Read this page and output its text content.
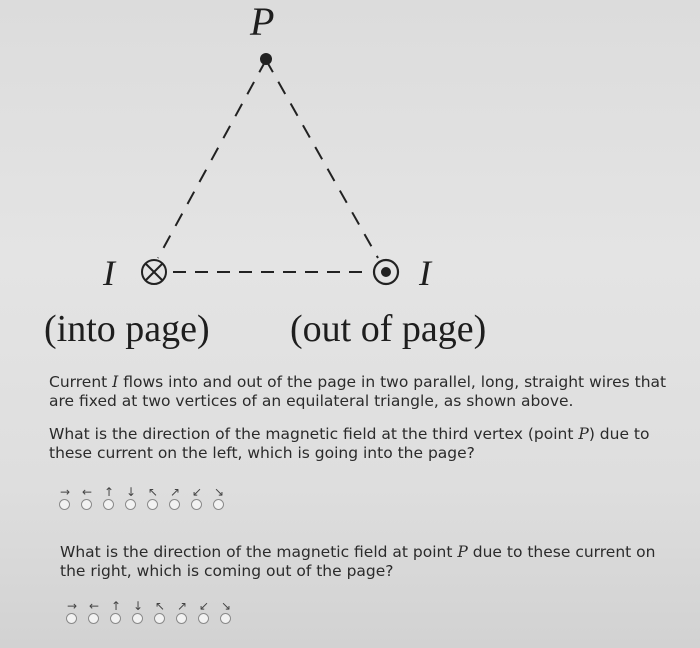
P
I	I
(into page) (out of page)
Current I flows into and out of the page in two parallel, long, straight wires that are fixed at two vertices of an equilateral triangle, as shown above.
What is the direction of the magnetic field at the third vertex (point P) due to these current on the left, which is going into the page?
→ ← ↑ ↓ ↖ ↗ ↙ ↘
What is the direction of the magnetic field at point P due to these current on the right, which is coming out of the page?
→ ← ↑ ↓ ↖ ↗ ↙ ↘
